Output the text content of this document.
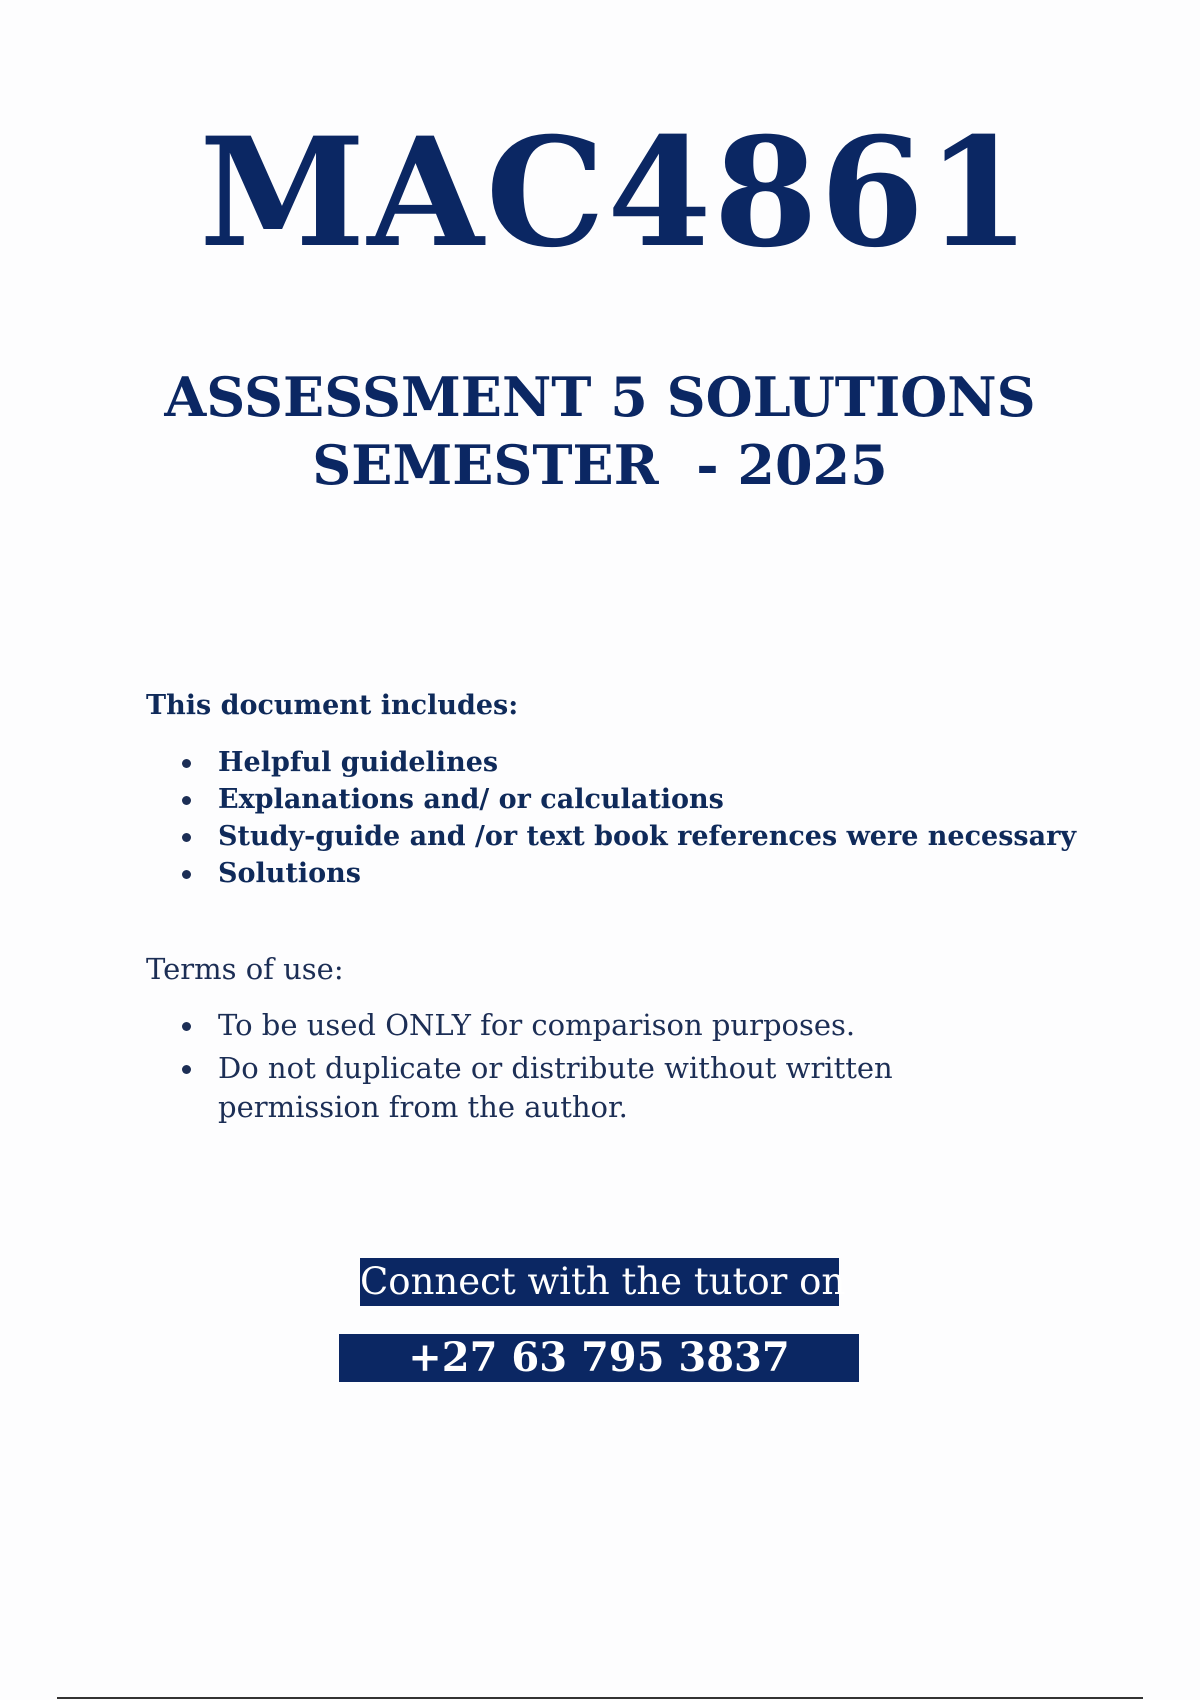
MAC4861
ASSESSMENT 5 SOLUTIONS
SEMESTER  - 2025
This document includes:
Helpful guidelines
Explanations and/ or calculations
Study-guide and /or text book references were necessary
Solutions
Terms of use:
To be used ONLY for comparison purposes.
Do not duplicate or distribute without written permission from the author.
Connect with the tutor on
+27 63 795 3837
